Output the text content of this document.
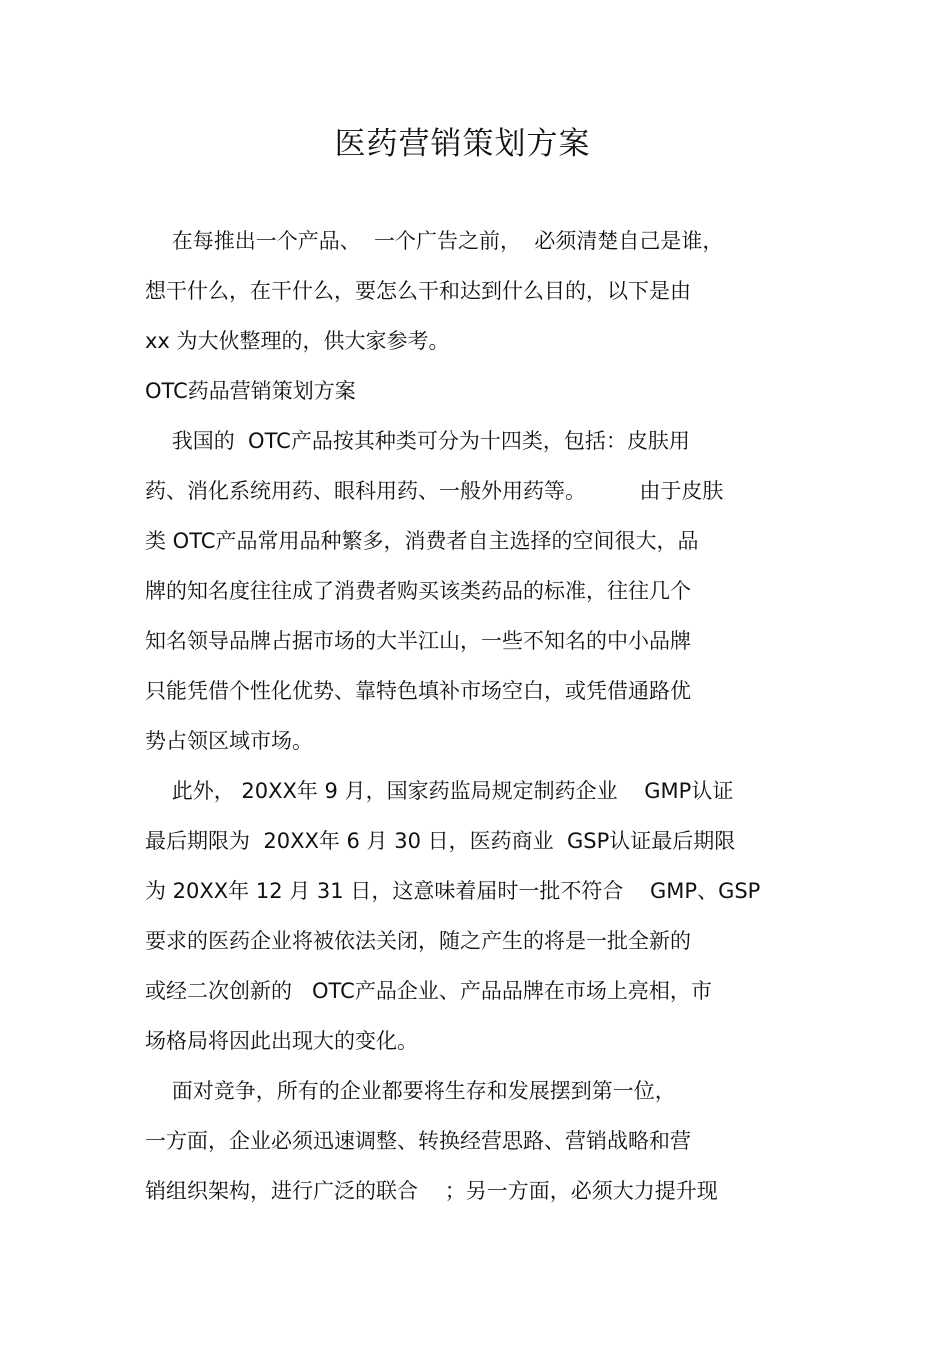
医药营销策划方案
在每推出一个产品、  一个广告之前，  必须清楚自己是谁，
想干什么，在干什么，要怎么干和达到什么目的，以下是由
xx 为大伙整理的，供大家参考。
OTC药品营销策划方案
我国的  OTC产品按其种类可分为十四类，包括：皮肤用
药、消化系统用药、眼科用药、一般外用药等。        由于皮肤
类 OTC产品常用品种繁多，消费者自主选择的空间很大，品
牌的知名度往往成了消费者购买该类药品的标准，往往几个
知名领导品牌占据市场的大半江山，一些不知名的中小品牌
只能凭借个性化优势、靠特色填补市场空白，或凭借通路优
势占领区域市场。
此外， 20XX年 9 月，国家药监局规定制药企业    GMP认证
最后期限为  20XX年 6 月 30 日，医药商业  GSP认证最后期限
为 20XX年 12 月 31 日，这意味着届时一批不符合    GMP、GSP
要求的医药企业将被依法关闭，随之产生的将是一批全新的
或经二次创新的   OTC产品企业、产品品牌在市场上亮相，市
场格局将因此出现大的变化。
面对竞争，所有的企业都要将生存和发展摆到第一位，
一方面，企业必须迅速调整、转换经营思路、营销战略和营
销组织架构，进行广泛的联合    ；另一方面，必须大力提升现
